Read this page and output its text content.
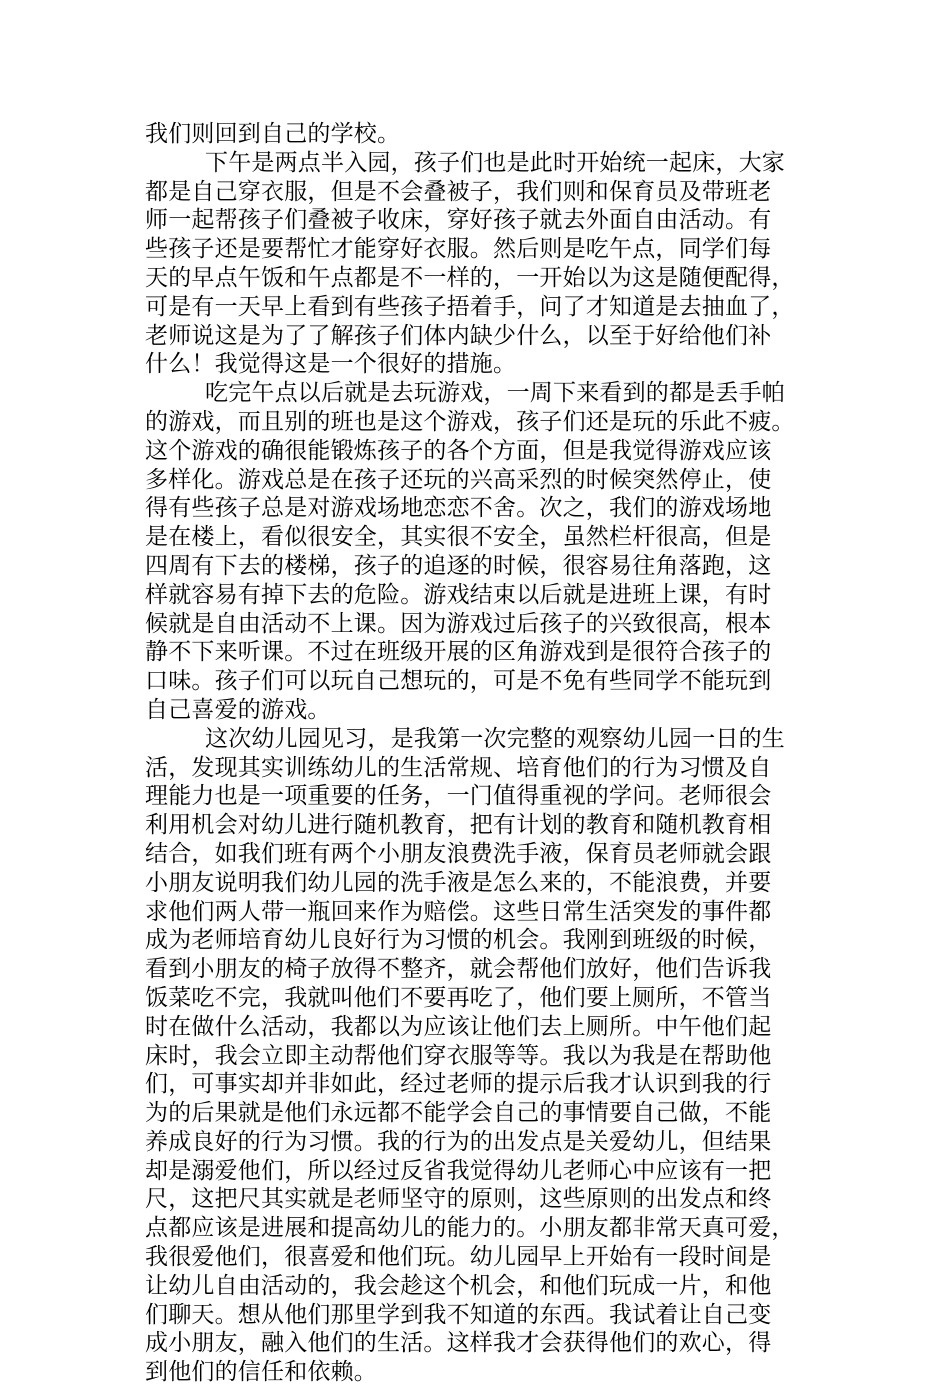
我们则回到自己的学校。
下午是两点半入园，孩子们也是此时开始统一起床，大家
都是自己穿衣服，但是不会叠被子，我们则和保育员及带班老
师一起帮孩子们叠被子收床，穿好孩子就去外面自由活动。有
些孩子还是要帮忙才能穿好衣服。然后则是吃午点，同学们每
天的早点午饭和午点都是不一样的，一开始以为这是随便配得，
可是有一天早上看到有些孩子捂着手，问了才知道是去抽血了，
老师说这是为了了解孩子们体内缺少什么，以至于好给他们补
什么！我觉得这是一个很好的措施。
吃完午点以后就是去玩游戏，一周下来看到的都是丢手帕
的游戏，而且别的班也是这个游戏，孩子们还是玩的乐此不疲。
这个游戏的确很能锻炼孩子的各个方面，但是我觉得游戏应该
多样化。游戏总是在孩子还玩的兴高采烈的时候突然停止，使
得有些孩子总是对游戏场地恋恋不舍。次之，我们的游戏场地
是在楼上，看似很安全，其实很不安全，虽然栏杆很高，但是
四周有下去的楼梯，孩子的追逐的时候，很容易往角落跑，这
样就容易有掉下去的危险。游戏结束以后就是进班上课，有时
候就是自由活动不上课。因为游戏过后孩子的兴致很高，根本
静不下来听课。不过在班级开展的区角游戏到是很符合孩子的
口味。孩子们可以玩自己想玩的，可是不免有些同学不能玩到
自己喜爱的游戏。
这次幼儿园见习，是我第一次完整的观察幼儿园一日的生
活，发现其实训练幼儿的生活常规、培育他们的行为习惯及自
理能力也是一项重要的任务，一门值得重视的学问。老师很会
利用机会对幼儿进行随机教育，把有计划的教育和随机教育相
结合，如我们班有两个小朋友浪费洗手液，保育员老师就会跟
小朋友说明我们幼儿园的洗手液是怎么来的，不能浪费，并要
求他们两人带一瓶回来作为赔偿。这些日常生活突发的事件都
成为老师培育幼儿良好行为习惯的机会。我刚到班级的时候，
看到小朋友的椅子放得不整齐，就会帮他们放好，他们告诉我
饭菜吃不完，我就叫他们不要再吃了，他们要上厕所，不管当
时在做什么活动，我都以为应该让他们去上厕所。中午他们起
床时，我会立即主动帮他们穿衣服等等。我以为我是在帮助他
们，可事实却并非如此，经过老师的提示后我才认识到我的行
为的后果就是他们永远都不能学会自己的事情要自己做，不能
养成良好的行为习惯。我的行为的出发点是关爱幼儿，但结果
却是溺爱他们，所以经过反省我觉得幼儿老师心中应该有一把
尺，这把尺其实就是老师坚守的原则，这些原则的出发点和终
点都应该是进展和提高幼儿的能力的。小朋友都非常天真可爱，
我很爱他们，很喜爱和他们玩。幼儿园早上开始有一段时间是
让幼儿自由活动的，我会趁这个机会，和他们玩成一片，和他
们聊天。想从他们那里学到我不知道的东西。我试着让自己变
成小朋友，融入他们的生活。这样我才会获得他们的欢心，得
到他们的信任和依赖。
